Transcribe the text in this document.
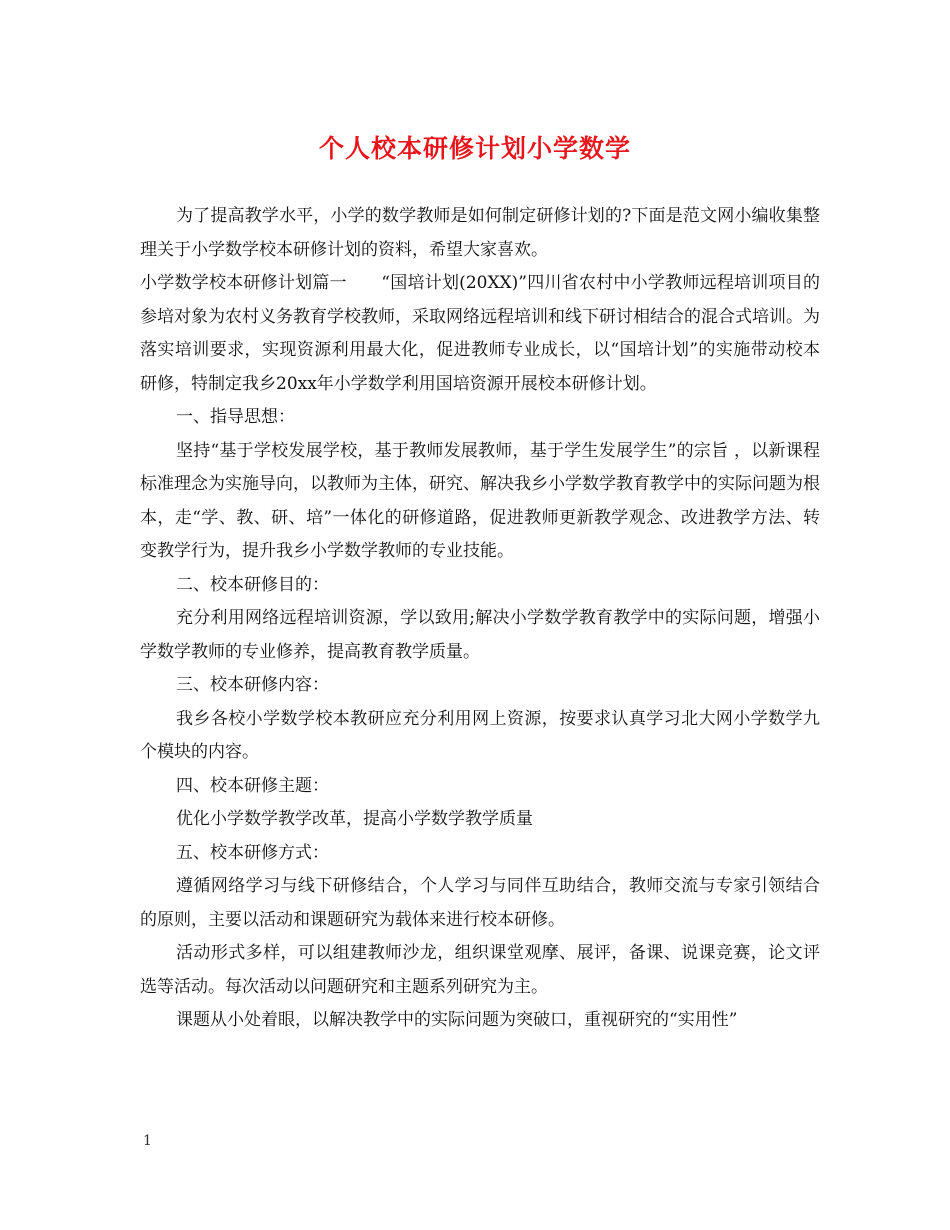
个人校本研修计划小学数学

为了提高教学水平，小学的数学教师是如何制定研修计划的?下面是范文网小编收集整理关于小学数学校本研修计划的资料，希望大家喜欢。

小学数学校本研修计划篇一　　“国培计划(20XX)”四川省农村中小学教师远程培训项目的参培对象为农村义务教育学校教师，采取网络远程培训和线下研讨相结合的混合式培训。为落实培训要求，实现资源利用最大化，促进教师专业成长，以“国培计划”的实施带动校本研修，特制定我乡20xx年小学数学利用国培资源开展校本研修计划。

一、指导思想：

坚持“基于学校发展学校，基于教师发展教师，基于学生发展学生”的宗旨 ，以新课程标准理念为实施导向，以教师为主体，研究、解决我乡小学数学教育教学中的实际问题为根本，走“学、教、研、培”一体化的研修道路，促进教师更新教学观念、改进教学方法、转变教学行为，提升我乡小学数学教师的专业技能。

二、校本研修目的：

充分利用网络远程培训资源，学以致用;解决小学数学教育教学中的实际问题，增强小学数学教师的专业修养，提高教育教学质量。

三、校本研修内容：

我乡各校小学数学校本教研应充分利用网上资源，按要求认真学习北大网小学数学九个模块的内容。

四、校本研修主题：

优化小学数学教学改革，提高小学数学教学质量

五、校本研修方式：

遵循网络学习与线下研修结合，个人学习与同伴互助结合，教师交流与专家引领结合的原则，主要以活动和课题研究为载体来进行校本研修。

活动形式多样，可以组建教师沙龙，组织课堂观摩、展评，备课、说课竞赛，论文评选等活动。每次活动以问题研究和主题系列研究为主。

课题从小处着眼，以解决教学中的实际问题为突破口，重视研究的“实用性”

1
